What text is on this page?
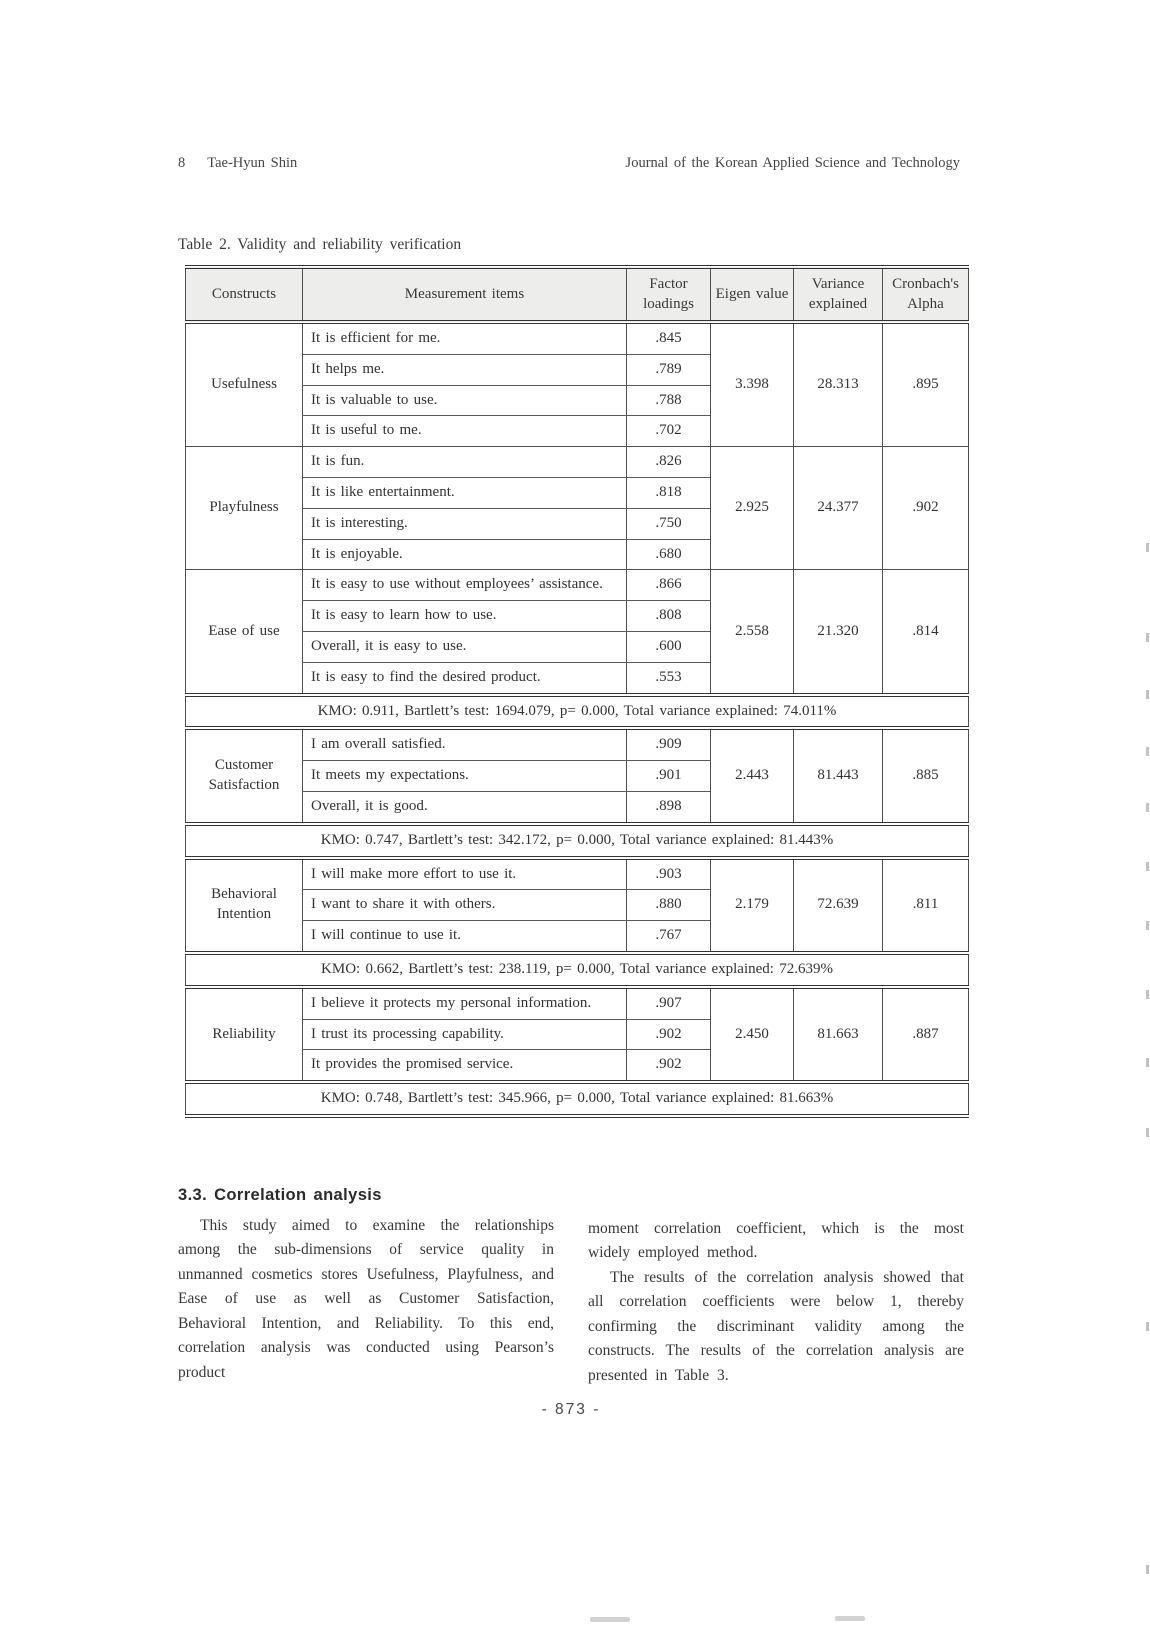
8 Tae-Hyun Shin	Journal of the Korean Applied Science and Technology
Table 2. Validity and reliability verification
Constructs	Measurement items	Factor loadings	Eigen value	Variance explained	Cronbach's Alpha
Usefulness	It is efficient for me.	.845	3.398	28.313	.895
	It helps me.	.789			
	It is valuable to use.	.788			
	It is useful to me.	.702			
Playfulness	It is fun.	.826	2.925	24.377	.902
	It is like entertainment.	.818			
	It is interesting.	.750			
	It is enjoyable.	.680			
Ease of use	It is easy to use without employees’ assistance.	.866	2.558	21.320	.814
	It is easy to learn how to use.	.808			
	Overall, it is easy to use.	.600			
	It is easy to find the desired product.	.553			
KMO: 0.911, Bartlett’s test: 1694.079, p= 0.000, Total variance explained: 74.011%					
Customer Satisfaction	I am overall satisfied.	.909	2.443	81.443	.885
	It meets my expectations.	.901			
	Overall, it is good.	.898			
KMO: 0.747, Bartlett’s test: 342.172, p= 0.000, Total variance explained: 81.443%					
Behavioral Intention	I will make more effort to use it.	.903	2.179	72.639	.811
	I want to share it with others.	.880			
	I will continue to use it.	.767			
KMO: 0.662, Bartlett’s test: 238.119, p= 0.000, Total variance explained: 72.639%					
Reliability	I believe it protects my personal information.	.907	2.450	81.663	.887
	I trust its processing capability.	.902			
	It provides the promised service.	.902			
KMO: 0.748, Bartlett’s test: 345.966, p= 0.000, Total variance explained: 81.663%					
3.3. Correlation analysis

This study aimed to examine the relationships among the sub-dimensions of service quality in unmanned cosmetics stores Usefulness, Playfulness, and Ease of use as well as Customer Satisfaction, Behavioral Intention, and Reliability. To this end, correlation analysis was conducted using Pearson’s product

moment correlation coefficient, which is the most widely employed method.

The results of the correlation analysis showed that all correlation coefficients were below 1, thereby confirming the discriminant validity among the constructs. The results of the correlation analysis are presented in Table 3.

- 873 -
